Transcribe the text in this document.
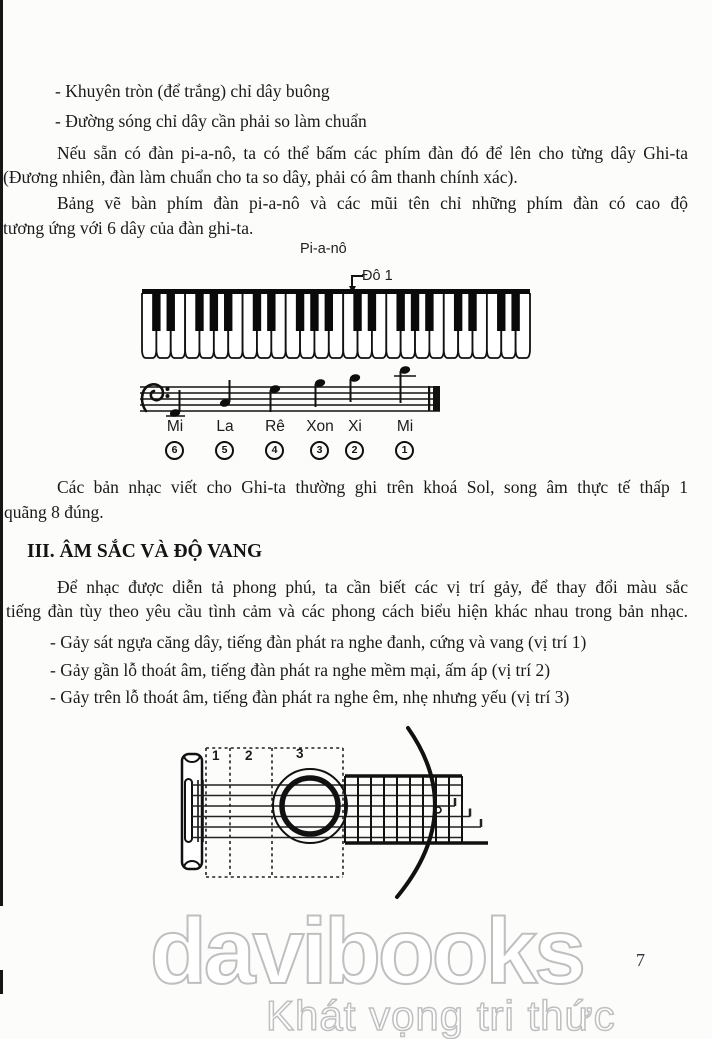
- Khuyên tròn (để trắng) chỉ dây buông
- Đường sóng chỉ dây cần phải so làm chuẩn
Nếu sẵn có đàn pi-a-nô, ta có thể bấm các phím đàn đó để lên cho từng dây Ghi-ta
(Đương nhiên, đàn làm chuẩn cho ta so dây, phải có âm thanh chính xác).
Bảng vẽ bàn phím đàn pi-a-nô và các mũi tên chỉ những phím đàn có cao độ
tương ứng với 6 dây của đàn ghi-ta.
Pi-a-nô
Đô 1
Mi	La	Rê	Xon Xi	Mi
6	5	4	3	2	1
Các bản nhạc viết cho Ghi-ta thường ghi trên khoá Sol, song âm thực tế thấp 1
quãng 8 đúng.
III. ÂM SẮC VÀ ĐỘ VANG
Để nhạc được diễn tả phong phú, ta cần biết các vị trí gảy, để thay đổi màu sắc
tiếng đàn tùy theo yêu cầu tình cảm và các phong cách biểu hiện khác nhau trong bản nhạc.
- Gảy sát ngựa căng dây, tiếng đàn phát ra nghe đanh, cứng và vang (vị trí 1)
- Gảy gần lỗ thoát âm, tiếng đàn phát ra nghe mềm mại, ấm áp (vị trí 2)
- Gảy trên lỗ thoát âm, tiếng đàn phát ra nghe êm, nhẹ nhưng yếu (vị trí 3)
1 2	3
davibooks
Khát vọng tri thức
7
